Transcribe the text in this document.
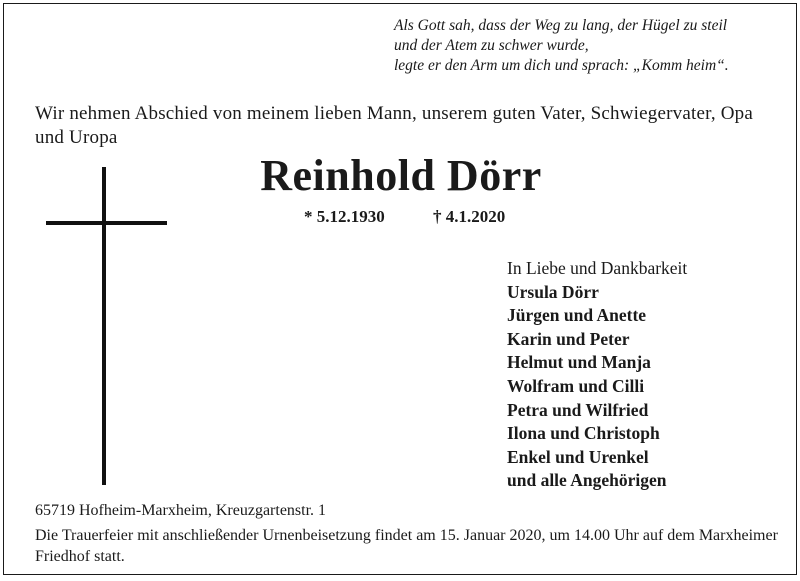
Als Gott sah, dass der Weg zu lang, der Hügel zu steil
und der Atem zu schwer wurde,
legte er den Arm um dich und sprach: „Komm heim“.
Wir nehmen Abschied von meinem lieben Mann, unserem guten Vater, Schwiegervater, Opa und Uropa
Reinhold Dörr
* 5.12.1930	† 4.1.2020
In Liebe und Dankbarkeit
Ursula Dörr
Jürgen und Anette
Karin und Peter
Helmut und Manja
Wolfram und Cilli
Petra und Wilfried
Ilona und Christoph
Enkel und Urenkel
und alle Angehörigen
65719 Hofheim-Marxheim, Kreuzgartenstr. 1
Die Trauerfeier mit anschließender Urnenbeisetzung findet am 15. Januar 2020, um 14.00 Uhr auf dem Marxheimer Friedhof statt.
